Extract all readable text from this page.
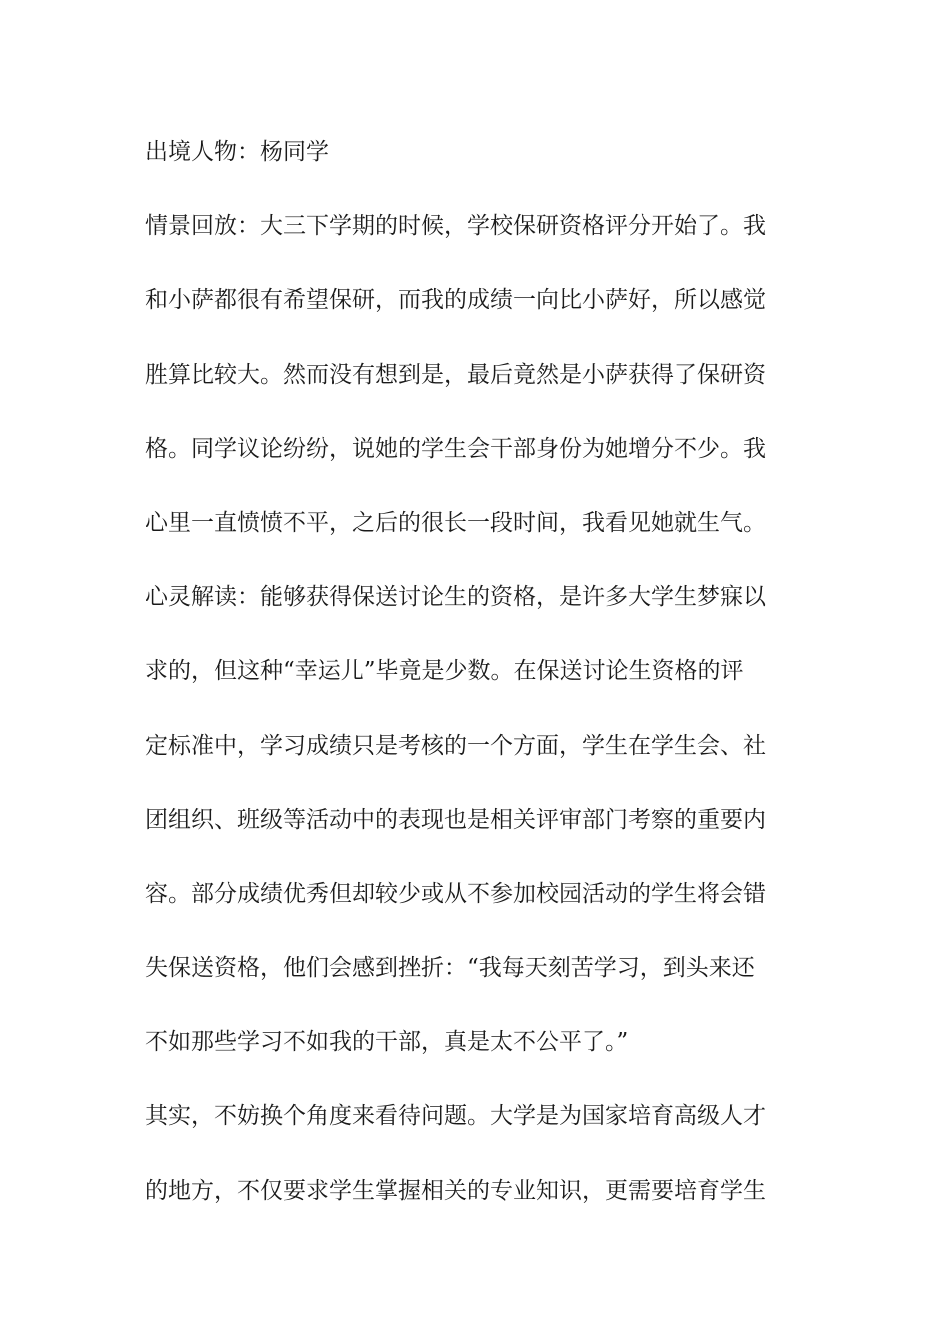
出境人物：杨同学
情景回放：大三下学期的时候，学校保研资格评分开始了。我
和小萨都很有希望保研，而我的成绩一向比小萨好，所以感觉
胜算比较大。然而没有想到是，最后竟然是小萨获得了保研资
格。同学议论纷纷，说她的学生会干部身份为她增分不少。我
心里一直愤愤不平，之后的很长一段时间，我看见她就生气。
心灵解读：能够获得保送讨论生的资格，是许多大学生梦寐以
求的，但这种“幸运儿”毕竟是少数。在保送讨论生资格的评
定标准中，学习成绩只是考核的一个方面，学生在学生会、社
团组织、班级等活动中的表现也是相关评审部门考察的重要内
容。部分成绩优秀但却较少或从不参加校园活动的学生将会错
失保送资格，他们会感到挫折：“我每天刻苦学习，到头来还
不如那些学习不如我的干部，真是太不公平了。”
其实，不妨换个角度来看待问题。大学是为国家培育高级人才
的地方，不仅要求学生掌握相关的专业知识，更需要培育学生
